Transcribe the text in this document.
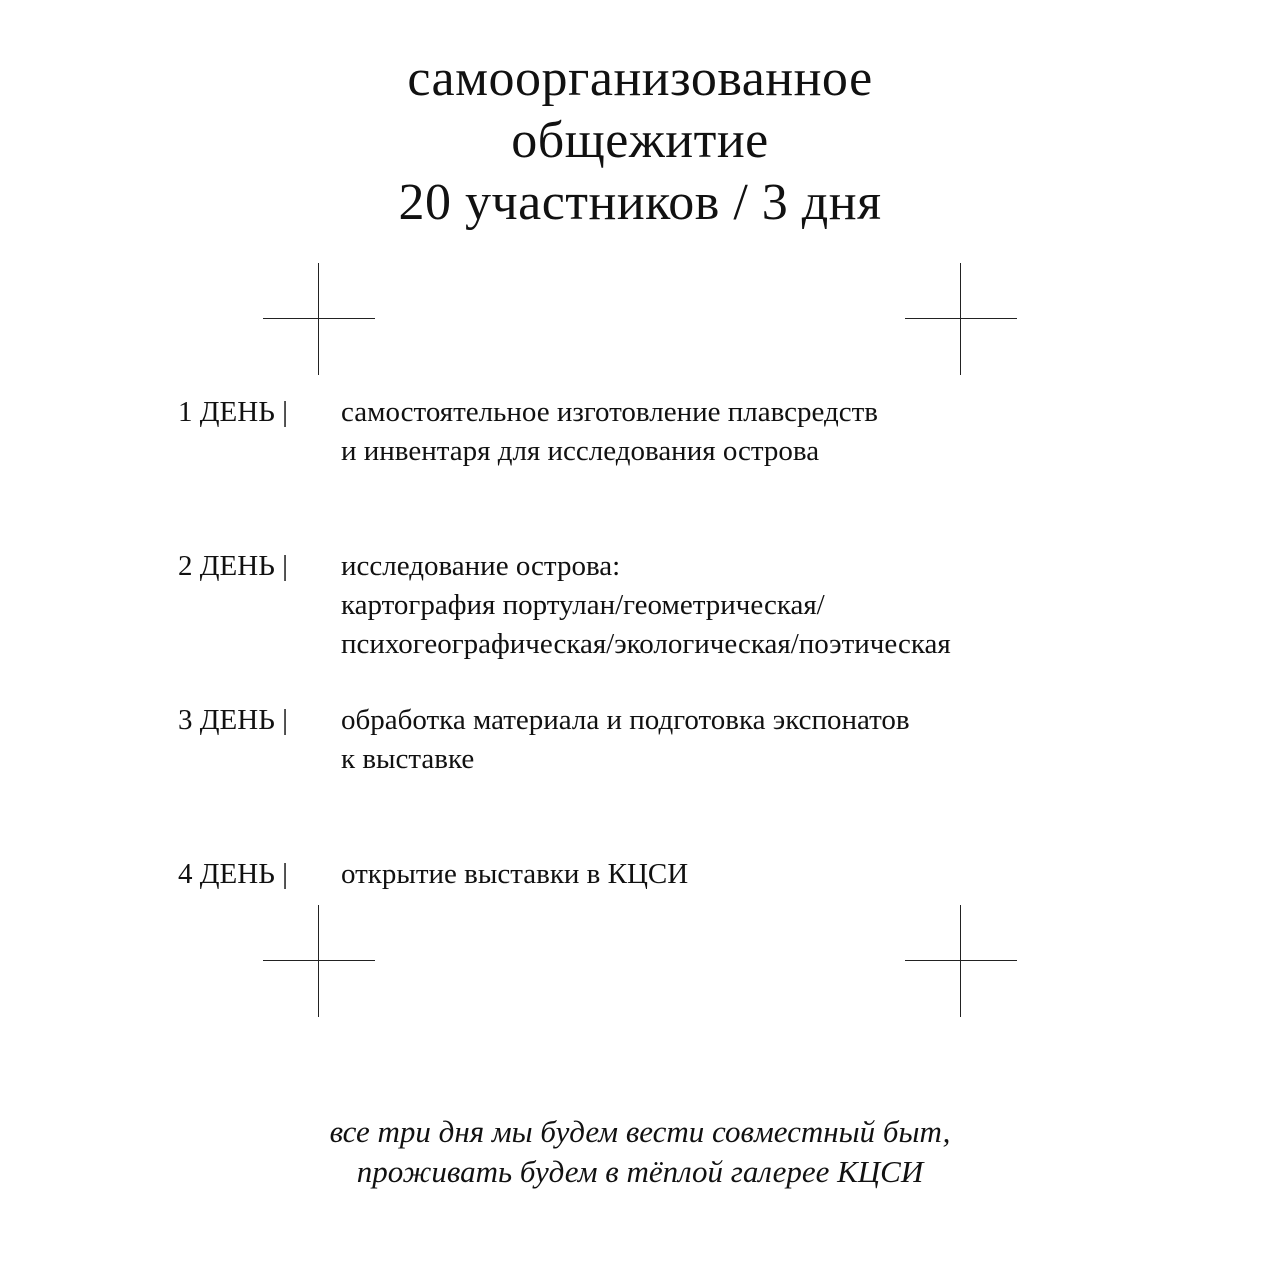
самоорганизованное
общежитие
20 участников / 3 дня
1 ДЕНЬ | самостоятельное изготовление плавсредств
и инвентаря для исследования острова
2 ДЕНЬ | исследование острова:
картография портулан/геометрическая/
психогеографическая/экологическая/поэтическая
3 ДЕНЬ | обработка материала и подготовка экспонатов
к выставке
4 ДЕНЬ | открытие выставки в КЦСИ
все три дня мы будем вести совместный быт,
проживать будем в тёплой галерее КЦСИ
